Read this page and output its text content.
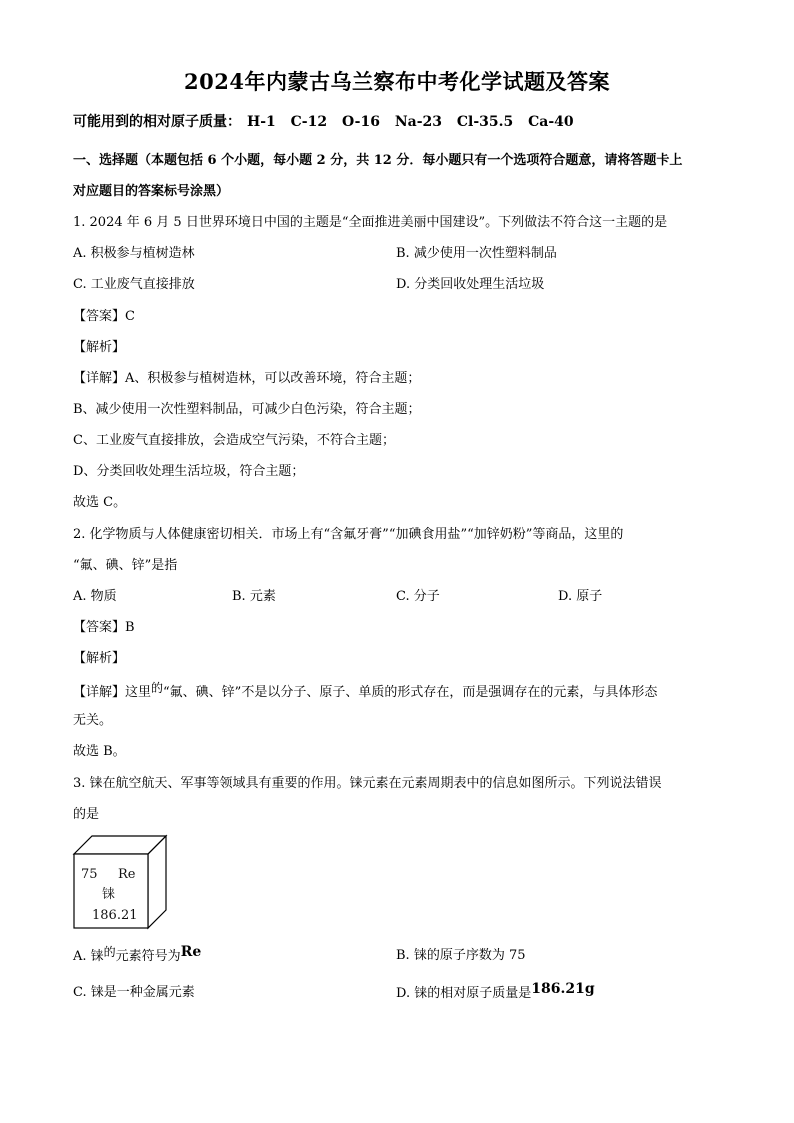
2024年内蒙古乌兰察布中考化学试题及答案
可能用到的相对原子质量： H-1 C-12 O-16 Na-23 Cl-35.5 Ca-40
一、选择题（本题包括 6 个小题，每小题 2 分，共 12 分．每小题只有一个选项符合题意，请将答题卡上
对应题目的答案标号涂黑）
1. 2024 年 6 月 5 日世界环境日中国的主题是“全面推进美丽中国建设”。下列做法不符合这一主题的是
A. 积极参与植树造林	B. 减少使用一次性塑料制品
C. 工业废气直接排放	D. 分类回收处理生活垃圾
【答案】C
【解析】
【详解】A、积极参与植树造林，可以改善环境，符合主题；
B、减少使用一次性塑料制品，可减少白色污染，符合主题；
C、工业废气直接排放，会造成空气污染，不符合主题；
D、分类回收处理生活垃圾，符合主题；
故选 C。
2. 化学物质与人体健康密切相关．市场上有“含氟牙膏”“加碘食用盐”“加锌奶粉”等商品，这里的
“氟、碘、锌”是指
A. 物质	B. 元素	C. 分子	D. 原子
【答案】B
【解析】
【详解】这里的“氟、碘、锌”不是以分子、原子、单质的形式存在，而是强调存在的元素，与具体形态
无关。
故选 B。
3. 铼在航空航天、军事等领域具有重要的作用。铼元素在元素周期表中的信息如图所示。下列说法错误
的是
75 Re
铼
186.21
A. 铼的元素符号为Re	B. 铼的原子序数为 75
C. 铼是一种金属元素	D. 铼的相对原子质量是186.21g
